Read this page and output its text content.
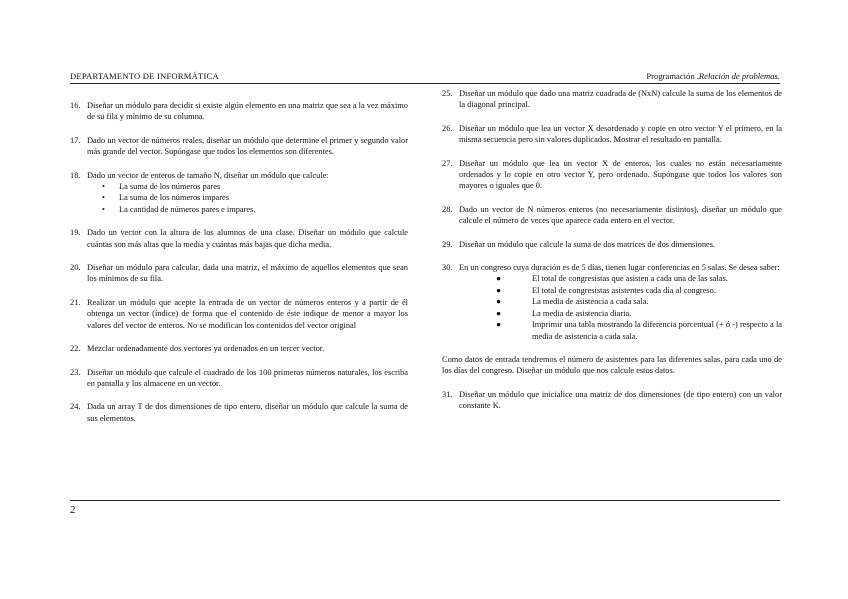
DEPARTAMENTO DE INFORMÁTICA	Programación .Relación de problemas.
16. Diseñar un módulo para decidir si existe algún elemento en una matriz que sea a la vez máximo de su fila y mínimo de su columna.
17. Dado un vector de números reales, diseñar un módulo que determine el primer y segundo valor más grande del vector. Supóngase que todos los elementos son diferentes.
18. Dado un vector de enteros de tamaño N, diseñar un módulo que calcule:
• La suma de los números pares
• La suma de los números impares
• La cantidad de números pares e impares.
19. Dado un vector con la altura de los alumnos de una clase. Diseñar un módulo que calcule cuántas son más altas que la media y cuántas más bajas que dicha media.
20. Diseñar un módulo para calcular, dada una matriz, el máximo de aquellos elementos que sean los mínimos de su fila.
21. Realizar un módulo que acepte la entrada de un vector de números enteros y a partir de él obtenga un vector (índice) de forma que el contenido de éste indique de menor a mayor los valores del vector de enteros. No se modifican los contenidos del vector original
22. Mezclar ordenadamente dos vectores ya ordenados en un tercer vector.
23. Diseñar un módulo que calcule el cuadrado de los 100 primeros números naturales, los escriba en pantalla y los almacene en un vector.
24. Dada un array T de dos dimensiones de tipo entero, diseñar un módulo que calcule la suma de sus elementos.
25. Diseñar un módulo que dado una matriz cuadrada de (NxN) calcule la suma de los elementos de la diagonal principal.
26. Diseñar un módulo que lea un vector X desordenado y copie en otro vector Y el primero, en la misma secuencia pero sin valores duplicados. Mostrar el resultado en pantalla.
27. Diseñar un módulo que lea un vector X de enteros, los cuales no están necesariamente ordenados y lo copie en otro vector Y, pero ordenado. Supóngase que todos los valores son mayores o iguales que 0.
28. Dado un vector de N números enteros (no necesariamente distintos), diseñar un módulo que calcule el número de veces que aparece cada entero en el vector.
29. Diseñar un módulo que calcule la suma de dos matrices de dos dimensiones.
30. En un congreso cuya duración es de 5 días, tienen lugar conferencias en 5 salas. Se desea saber:
●	El total de congresistas que asisten a cada una de las salas.
●	El total de congresistas asistentes cada día al congreso.
●	La media de asistencia a cada sala.
●	La media de asistencia diaria.
●	Imprimir una tabla mostrando la diferencia porcentual (+ ó -) respecto a la media de asistencia a cada sala.
Como datos de entrada tendremos el número de asistentes para las diferentes salas, para cada uno de los días del congreso. Diseñar un módulo que nos calcule estos datos.
31. Diseñar un módulo que inicialice una matriz de dos dimensiones (de tipo entero) con un valor constante K.
2
